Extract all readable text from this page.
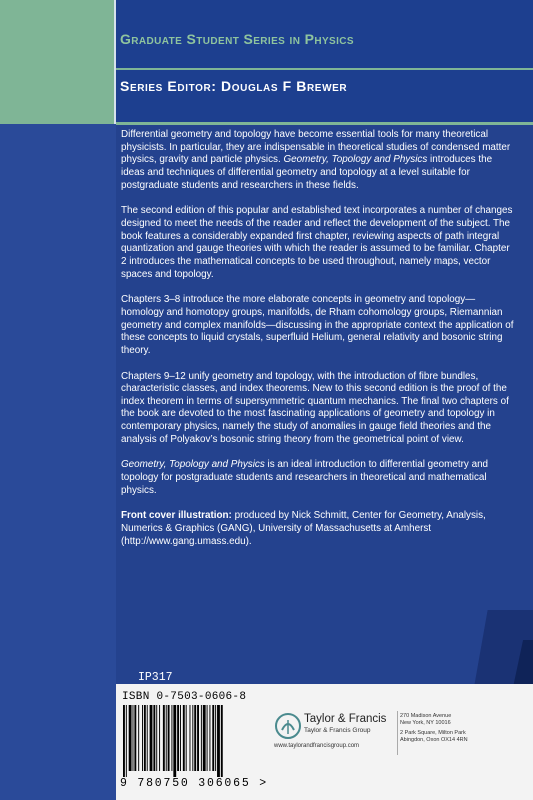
Graduate Student Series in Physics
Series Editor: Douglas F Brewer

Differential geometry and topology have become essential tools for many theoretical physicists. In particular, they are indispensable in theoretical studies of condensed matter physics, gravity and particle physics. Geometry, Topology and Physics introduces the ideas and techniques of differential geometry and topology at a level suitable for postgraduate students and researchers in these fields.

The second edition of this popular and established text incorporates a number of changes designed to meet the needs of the reader and reflect the development of the subject. The book features a considerably expanded first chapter, reviewing aspects of path integral quantization and gauge theories with which the reader is assumed to be familiar. Chapter 2 introduces the mathematical concepts to be used throughout, namely maps, vector spaces and topology.

Chapters 3–8 introduce the more elaborate concepts in geometry and topology—homology and homotopy groups, manifolds, de Rham cohomology groups, Riemannian geometry and complex manifolds—discussing in the appropriate context the application of these concepts to liquid crystals, superfluid Helium, general relativity and bosonic string theory.

Chapters 9–12 unify geometry and topology, with the introduction of fibre bundles, characteristic classes, and index theorems. New to this second edition is the proof of the index theorem in terms of supersymmetric quantum mechanics. The final two chapters of the book are devoted to the most fascinating applications of geometry and topology in contemporary physics, namely the study of anomalies in gauge field theories and the analysis of Polyakov’s bosonic string theory from the geometrical point of view.

Geometry, Topology and Physics is an ideal introduction to differential geometry and topology for postgraduate students and researchers in theoretical and mathematical physics.

Front cover illustration: produced by Nick Schmitt, Center for Geometry, Analysis, Numerics & Graphics (GANG), University of Massachusetts at Amherst (http://www.gang.umass.edu).

IP317
ISBN 0-7503-0606-8
9 780750 306065 >
Taylor & Francis
Taylor & Francis Group
www.taylorandfrancisgroup.com
270 Madison Avenue
New York, NY 10016
2 Park Square, Milton Park
Abingdon, Oxon OX14 4RN
